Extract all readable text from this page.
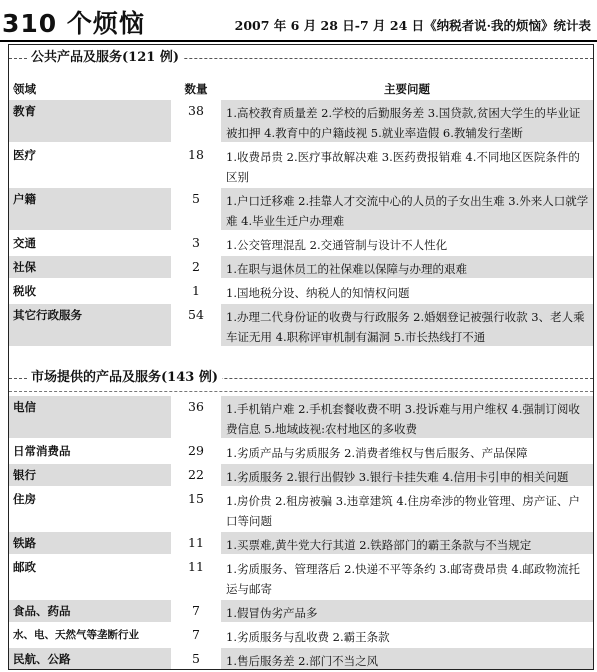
310 个烦恼	2007 年 6 月 28 日-7 月 24 日《纳税者说·我的烦恼》统计表
公共产品及服务(121 例)
领域	数量	主要问题
教育	38	1.高校教育质量差 2.学校的后勤服务差 3.国贷款,贫困大学生的毕业证被扣押 4.教育中的户籍歧视 5.就业率造假 6.教辅发行垄断
医疗	18	1.收费昂贵 2.医疗事故解决难 3.医药费报销难 4.不同地区医院条件的区别
户籍	5	1.户口迁移难 2.挂靠人才交流中心的人员的子女出生难 3.外来人口就学难 4.毕业生迁户办理难
交通	3	1.公交管理混乱 2.交通管制与设计不人性化
社保	2	1.在职与退休员工的社保难以保障与办理的艰难
税收	1	1.国地税分设、纳税人的知情权问题
其它行政服务	54	1.办理二代身份证的收费与行政服务 2.婚姻登记被强行收款 3、老人乘车证无用 4.职称评审机制有漏洞 5.市长热线打不通
市场提供的产品及服务(143 例)
电信	36	1.手机销户难 2.手机套餐收费不明 3.投诉难与用户维权 4.强制订阅收费信息 5.地域歧视:农村地区的多收费
日常消费品	29	1.劣质产品与劣质服务 2.消费者维权与售后服务、产品保障
银行	22	1.劣质服务 2.银行出假钞 3.银行卡挂失难 4.信用卡引申的相关问题
住房	15	1.房价贵 2.租房被骗 3.违章建筑 4.住房牵涉的物业管理、房产证、户口等问题
铁路	11	1.买票难,黄牛党大行其道 2.铁路部门的霸王条款与不当规定
邮政	11	1.劣质服务、管理落后 2.快递不平等条约 3.邮寄费昂贵 4.邮政物流托运与邮寄
食品、药品	7	1.假冒伪劣产品多
水、电、天然气等垄断行业	7	1.劣质服务与乱收费 2.霸王条款
民航、公路	5	1.售后服务差 2.部门不当之风
